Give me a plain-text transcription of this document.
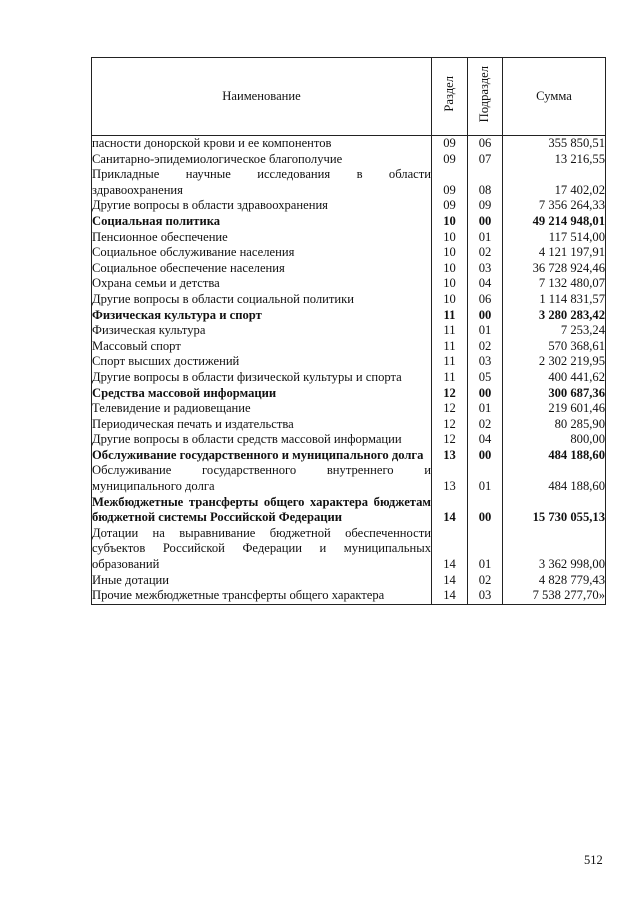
Наименование	Раздел	Подраздел	Сумма
пасности донорской крови и ее компонентов	09	06	355 850,51
Санитарно-эпидемиологическое благополучие	09	07	13 216,55
Прикладные научные исследования в области здравоохранения	09	08	17 402,02
Другие вопросы в области здравоохранения	09	09	7 356 264,33
Социальная политика	10	00	49 214 948,01
Пенсионное обеспечение	10	01	117 514,00
Социальное обслуживание населения	10	02	4 121 197,91
Социальное обеспечение населения	10	03	36 728 924,46
Охрана семьи и детства	10	04	7 132 480,07
Другие вопросы в области социальной политики	10	06	1 114 831,57
Физическая культура и спорт	11	00	3 280 283,42
Физическая культура	11	01	7 253,24
Массовый спорт	11	02	570 368,61
Спорт высших достижений	11	03	2 302 219,95
Другие вопросы в области физической культуры и спорта	11	05	400 441,62
Средства массовой информации	12	00	300 687,36
Телевидение и радиовещание	12	01	219 601,46
Периодическая печать и издательства	12	02	80 285,90
Другие вопросы в области средств массовой информации	12	04	800,00
Обслуживание государственного и муниципального долга	13	00	484 188,60
Обслуживание государственного внутреннего и муниципального долга	13	01	484 188,60
Межбюджетные трансферты общего характера бюджетам бюджетной системы Российской Федерации	14	00	15 730 055,13
Дотации на выравнивание бюджетной обеспеченности субъектов Российской Федерации и муниципальных образований	14	01	3 362 998,00
Иные дотации	14	02	4 828 779,43
Прочие межбюджетные трансферты общего характера	14	03	7 538 277,70»
512
